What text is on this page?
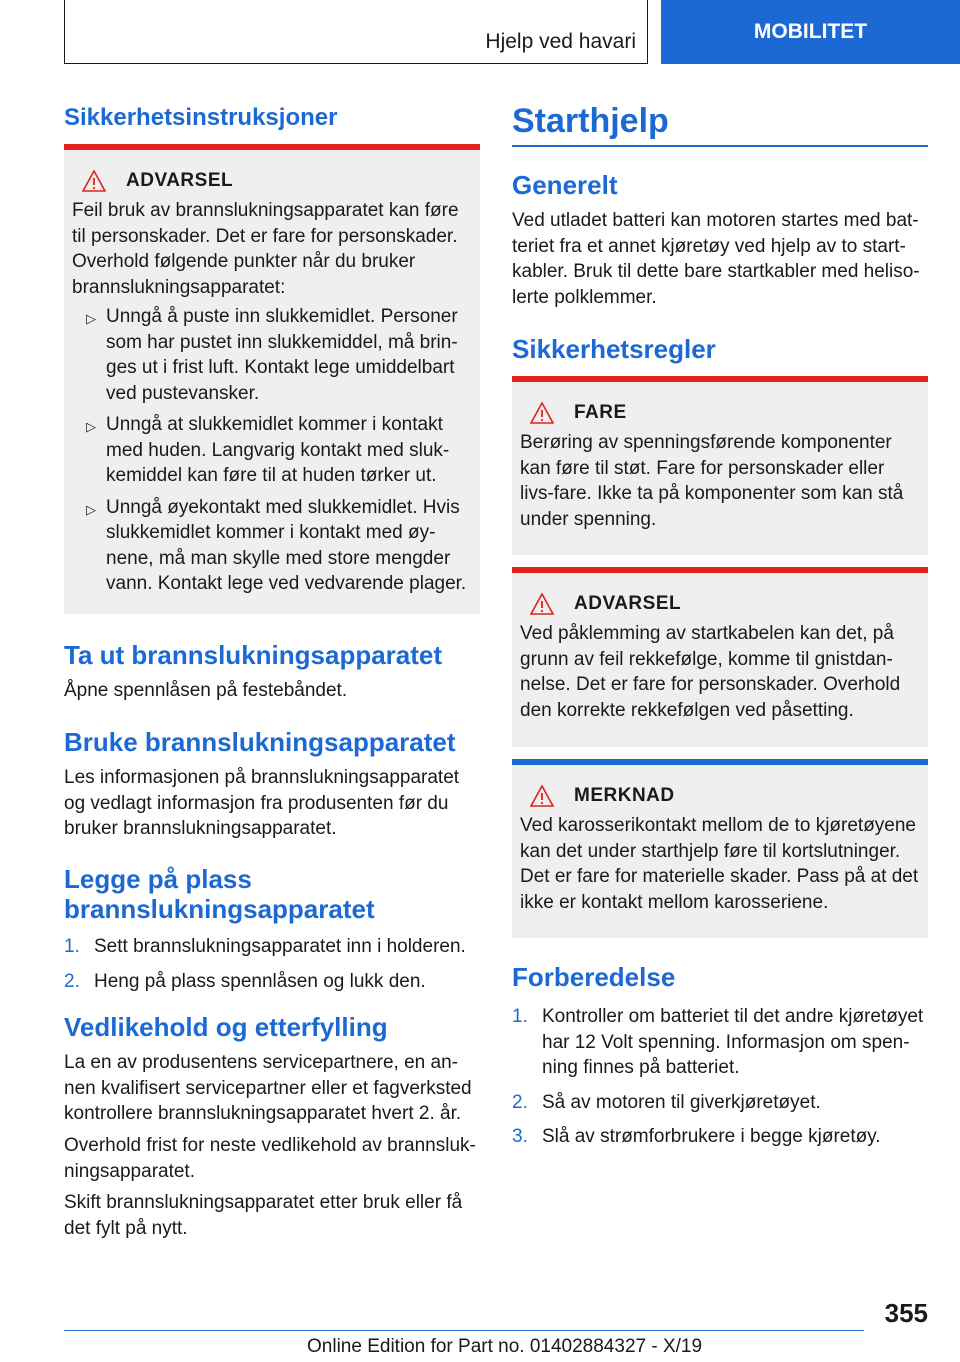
Hjelp ved havari	MOBILITET
Sikkerhetsinstruksjoner
ADVARSEL

Feil bruk av brannslukningsapparatet kan føre til personskader. Det er fare for personskader. Overhold følgende punkter når du bruker brannslukningsapparatet:

▷ Unngå å puste inn slukkemidlet. Personer som har pustet inn slukkemiddel, må brin-ges ut i frist luft. Kontakt lege umiddelbart ved pustevansker.
▷ Unngå at slukkemidlet kommer i kontakt med huden. Langvarig kontakt med sluk-kemiddel kan føre til at huden tørker ut.
▷ Unngå øyekontakt med slukkemidlet. Hvis slukkemidlet kommer i kontakt med øy-nene, må man skylle med store mengder vann. Kontakt lege ved vedvarende plager.
Ta ut brannslukningsapparatet

Åpne spennlåsen på festebåndet.

Bruke brannslukningsapparatet

Les informasjonen på brannslukningsapparatet og vedlagt informasjon fra produsenten før du bruker brannslukningsapparatet.

Legge på plass
brannslukningsapparatet
1. Sett brannslukningsapparatet inn i holderen.
2. Heng på plass spennlåsen og lukk den.
Vedlikehold og etterfylling

La en av produsentens servicepartnere, en an-nen kvalifisert servicepartner eller et fagverksted kontrollere brannslukningsapparatet hvert 2. år.

Overhold frist for neste vedlikehold av brannsluk-ningsapparatet.

Skift brannslukningsapparatet etter bruk eller få det fylt på nytt.

Starthjelp
Generelt

Ved utladet batteri kan motoren startes med bat-teriet fra et annet kjøretøy ved hjelp av to start-kabler. Bruk til dette bare startkabler med heliso-lerte polklemmer.

Sikkerhetsregler
FARE

Berøring av spenningsførende komponenter kan føre til støt. Fare for personskader eller livs-fare. Ikke ta på komponenter som kan stå under spenning.

ADVARSEL

Ved påklemming av startkabelen kan det, på grunn av feil rekkefølge, komme til gnistdan-nelse. Det er fare for personskader. Overhold den korrekte rekkefølgen ved påsetting.

MERKNAD

Ved karosserikontakt mellom de to kjøretøyene kan det under starthjelp føre til kortslutninger. Det er fare for materielle skader. Pass på at det ikke er kontakt mellom karosseriene.

Forberedelse
1. Kontroller om batteriet til det andre kjøretøyet har 12 Volt spenning. Informasjon om spen-ning finnes på batteriet.
2. Så av motoren til giverkjøretøyet.
3. Slå av strømforbrukere i begge kjøretøy.
355
Online Edition for Part no. 01402884327 - X/19
